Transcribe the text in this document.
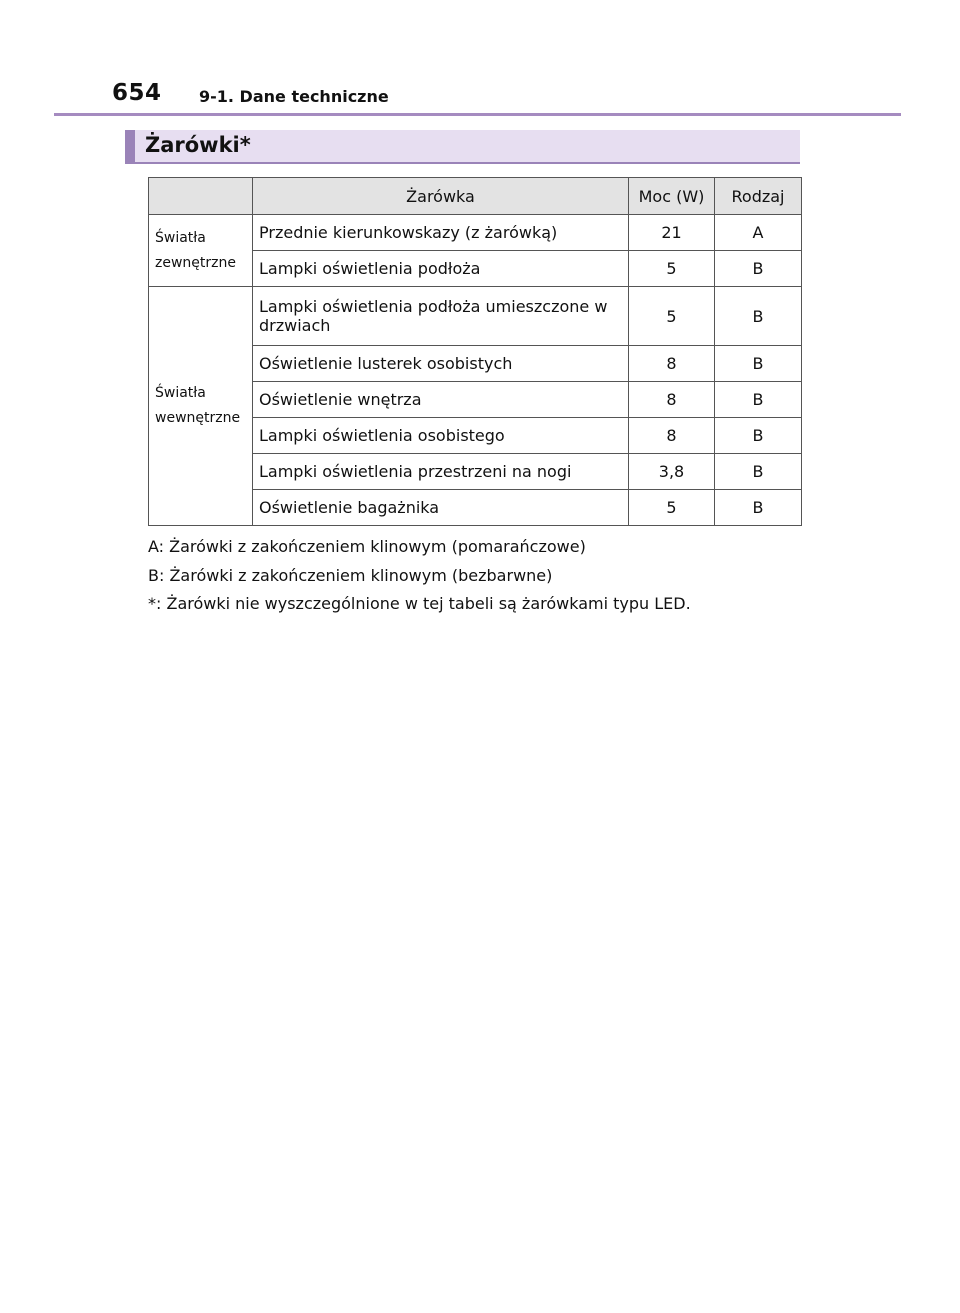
654 9-1. Dane techniczne
Żarówki*
	Żarówka	Moc (W)	Rodzaj
Światła zewnętrzne	Przednie kierunkowskazy (z żarówką)	21	A
	Lampki oświetlenia podłoża	5	B
Światła wewnętrzne	Lampki oświetlenia podłoża umieszczone w drzwiach	5	B
	Oświetlenie lusterek osobistych	8	B
	Oświetlenie wnętrza	8	B
	Lampki oświetlenia osobistego	8	B
	Lampki oświetlenia przestrzeni na nogi	3,8	B
	Oświetlenie bagażnika	5	B
A: Żarówki z zakończeniem klinowym (pomarańczowe)
B: Żarówki z zakończeniem klinowym (bezbarwne)
*: Żarówki nie wyszczególnione w tej tabeli są żarówkami typu LED.
